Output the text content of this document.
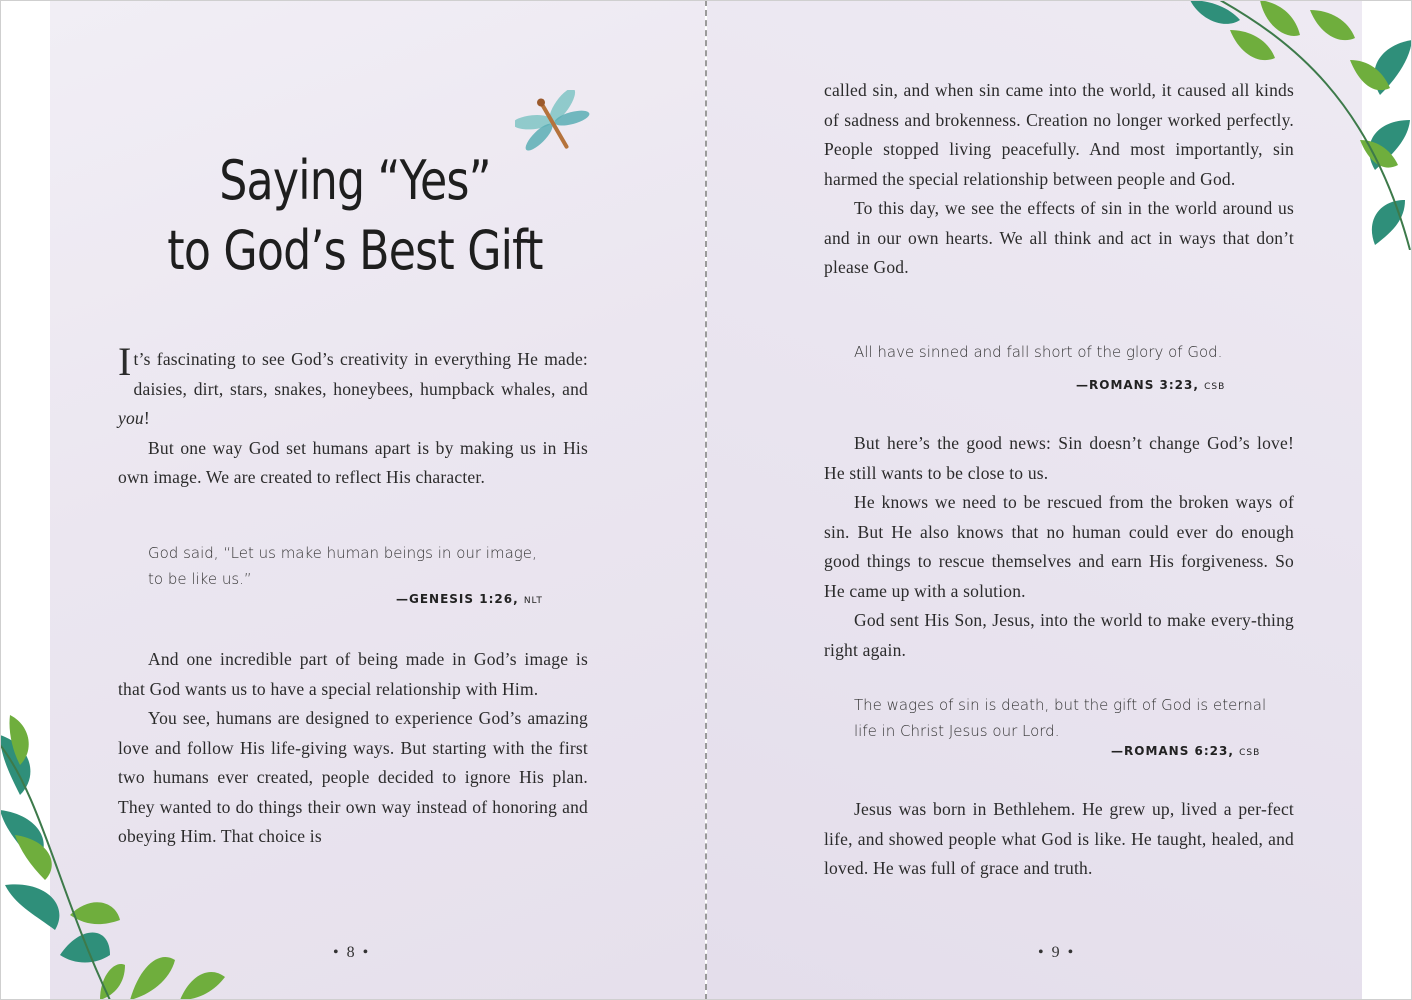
Saying “Yes”
to God’s Best Gift

It’s fascinating to see God’s creativity in everything He made: daisies, dirt, stars, snakes, honeybees, humpback whales, and you!

But one way God set humans apart is by making us in His own image. We are created to reflect His character.

God said, “Let us make human beings in our image,
to be like us.”
—GENESIS 1:26, NLT

And one incredible part of being made in God’s image is that God wants us to have a special relationship with Him.

You see, humans are designed to experience God’s amazing love and follow His life-giving ways. But starting with the first two humans ever created, people decided to ignore His plan. They wanted to do things their own way instead of honoring and obeying Him. That choice is

• 8 •

called sin, and when sin came into the world, it caused all kinds of sadness and brokenness. Creation no longer worked perfectly. People stopped living peacefully. And most importantly, sin harmed the special relationship between people and God.

To this day, we see the effects of sin in the world around us and in our own hearts. We all think and act in ways that don’t please God.

All have sinned and fall short of the glory of God.
—ROMANS 3:23, CSB

But here’s the good news: Sin doesn’t change God’s love! He still wants to be close to us.

He knows we need to be rescued from the broken ways of sin. But He also knows that no human could ever do enough good things to rescue themselves and earn His forgiveness. So He came up with a solution.

God sent His Son, Jesus, into the world to make every-thing right again.

The wages of sin is death, but the gift of God is eternal
life in Christ Jesus our Lord.
—ROMANS 6:23, CSB

Jesus was born in Bethlehem. He grew up, lived a per-fect life, and showed people what God is like. He taught, healed, and loved. He was full of grace and truth.

• 9 •
